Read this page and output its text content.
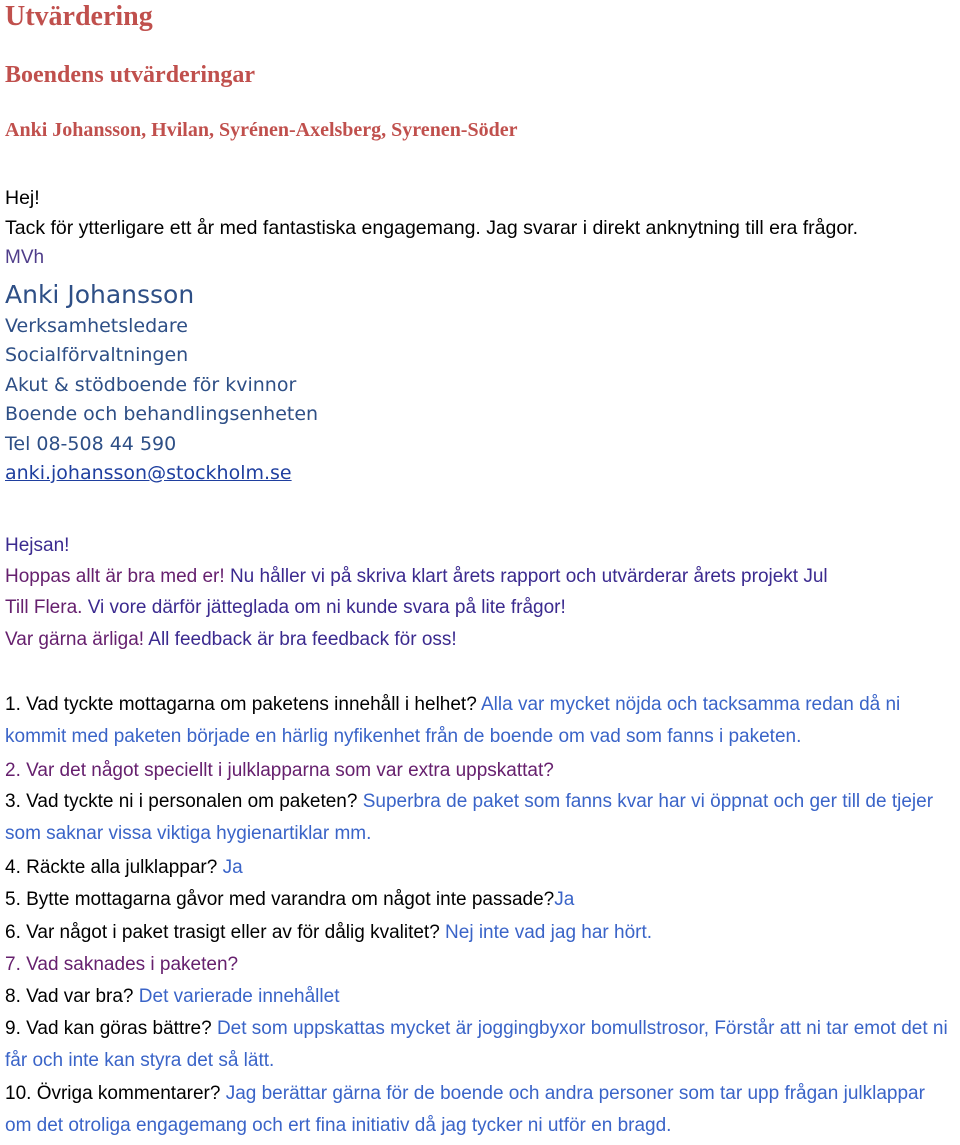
Utvärdering
Boendens utvärderingar
Anki Johansson, Hvilan, Syrénen-Axelsberg, Syrenen-Söder
Hej!
Tack för ytterligare ett år med fantastiska engagemang. Jag svarar i direkt anknytning till era frågor.
MVh
Anki Johansson
Verksamhetsledare
Socialförvaltningen
Akut & stödboende för kvinnor
Boende och behandlingsenheten
Tel 08-508 44 590
anki.johansson@stockholm.se
Hejsan!
Hoppas allt är bra med er! Nu håller vi på skriva klart årets rapport och utvärderar årets projekt Jul
Till Flera. Vi vore därför jätteglada om ni kunde svara på lite frågor!
Var gärna ärliga! All feedback är bra feedback för oss!
1. Vad tyckte mottagarna om paketens innehåll i helhet? Alla var mycket nöjda och tacksamma redan då ni kommit med paketen började en härlig nyfikenhet från de boende om vad som fanns i paketen.
2. Var det något speciellt i julklapparna som var extra uppskattat?
3. Vad tyckte ni i personalen om paketen? Superbra de paket som fanns kvar har vi öppnat och ger till de tjejer som saknar vissa viktiga hygienartiklar mm.
4. Räckte alla julklappar? Ja
5. Bytte mottagarna gåvor med varandra om något inte passade?Ja
6. Var något i paket trasigt eller av för dålig kvalitet? Nej inte vad jag har hört.
7. Vad saknades i paketen?
8. Vad var bra? Det varierade innehållet
9. Vad kan göras bättre? Det som uppskattas mycket är joggingbyxor bomullstrosor, Förstår att ni tar emot det ni får och inte kan styra det så lätt.
10. Övriga kommentarer? Jag berättar gärna för de boende och andra personer som tar upp frågan julklappar om det otroliga engagemang och ert fina initiativ då jag tycker ni utför en bragd.
